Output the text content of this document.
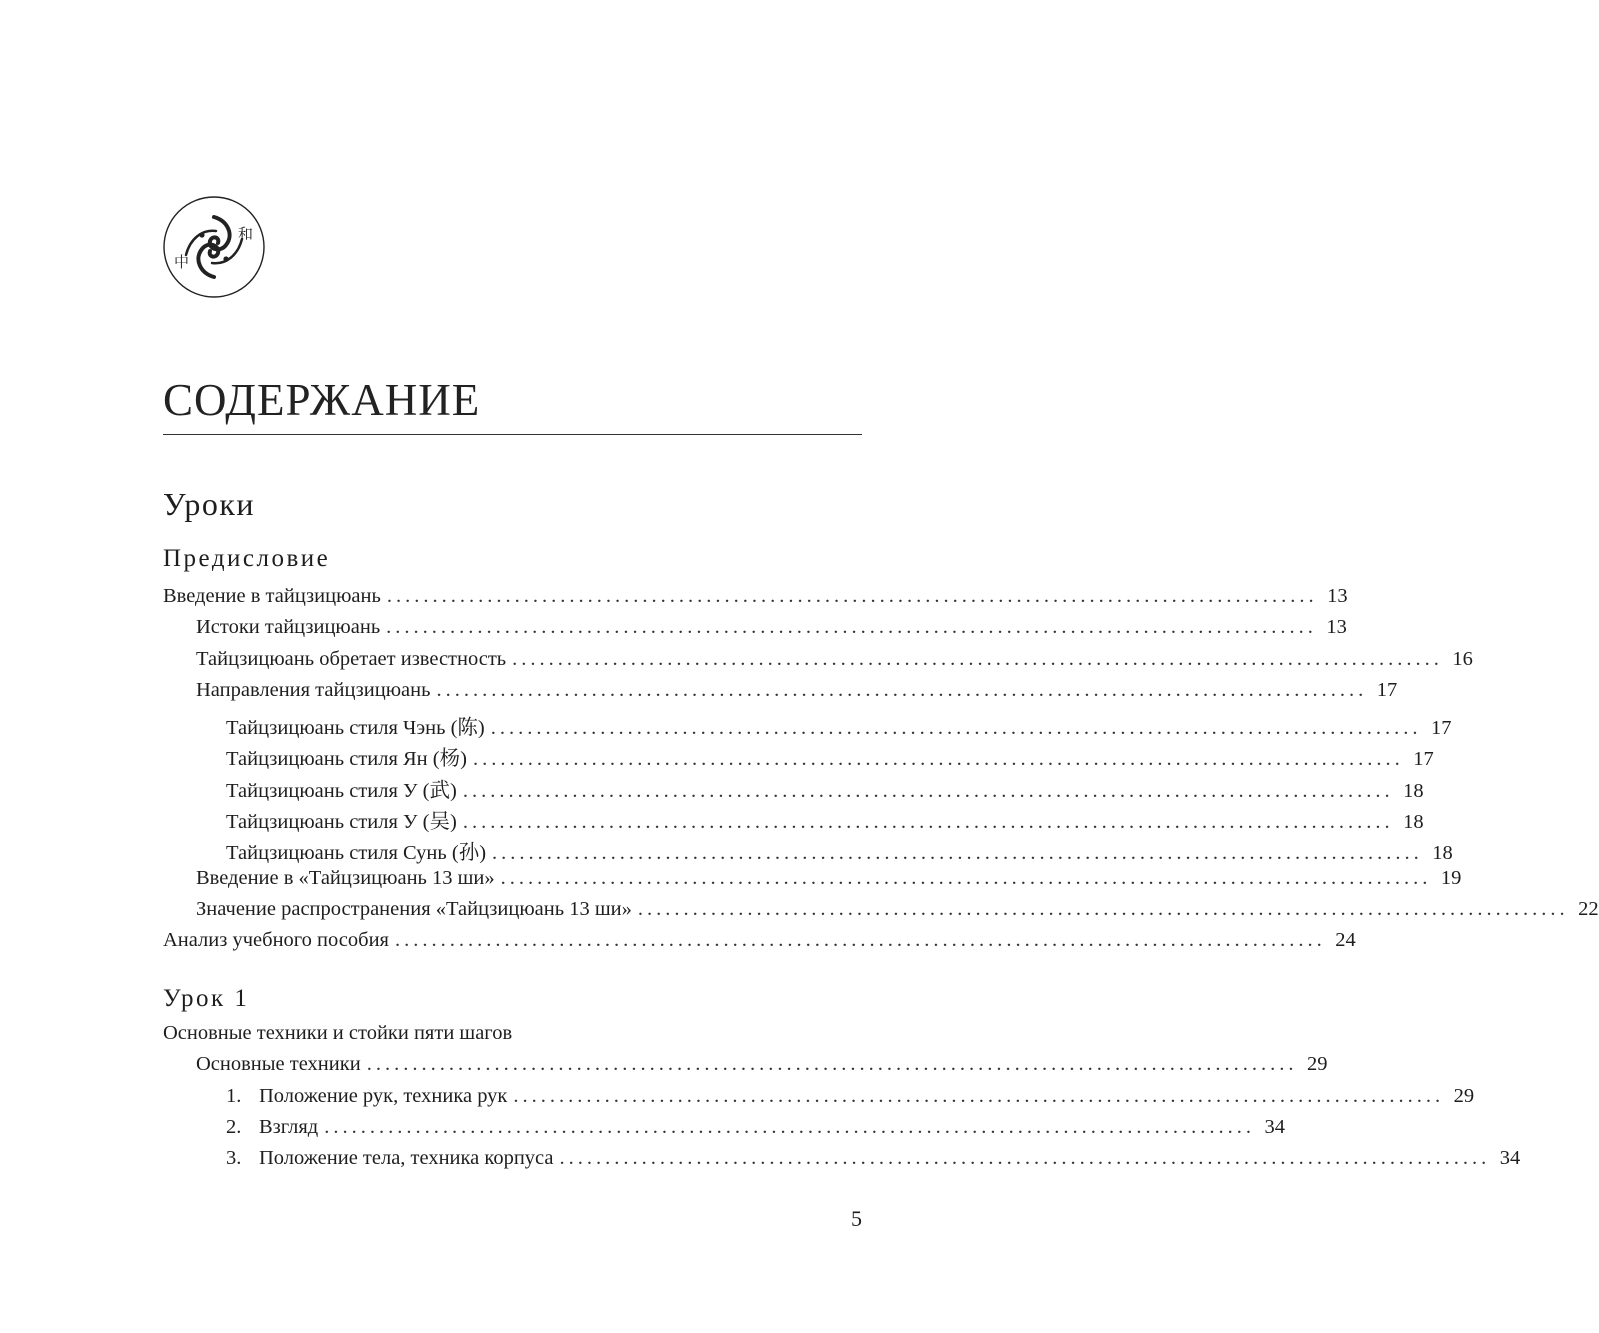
中
和
СОДЕРЖАНИЕ
Уроки
Предисловие
Введение в тайцзицюань ...................................................................................................... 13
Истоки тайцзицюань ...................................................................................................... 13
Тайцзицюань обретает известность ...................................................................................................... 16
Направления тайцзицюань ...................................................................................................... 17
Тайцзицюань стиля Чэнь (陈) ...................................................................................................... 17
Тайцзицюань стиля Ян (杨) ...................................................................................................... 17
Тайцзицюань стиля У (武) ...................................................................................................... 18
Тайцзицюань стиля У (吴) ...................................................................................................... 18
Тайцзицюань стиля Сунь (孙) ...................................................................................................... 18
Введение в «Тайцзицюань 13 ши» ...................................................................................................... 19
Значение распространения «Тайцзицюань 13 ши» ...................................................................................................... 22
Анализ учебного пособия ...................................................................................................... 24
Урок 1
Основные техники и стойки пяти шагов
Основные техники ...................................................................................................... 29
1. Положение рук, техника рук ...................................................................................................... 29
2. Взгляд ...................................................................................................... 34
3. Положение тела, техника корпуса ...................................................................................................... 34
5
